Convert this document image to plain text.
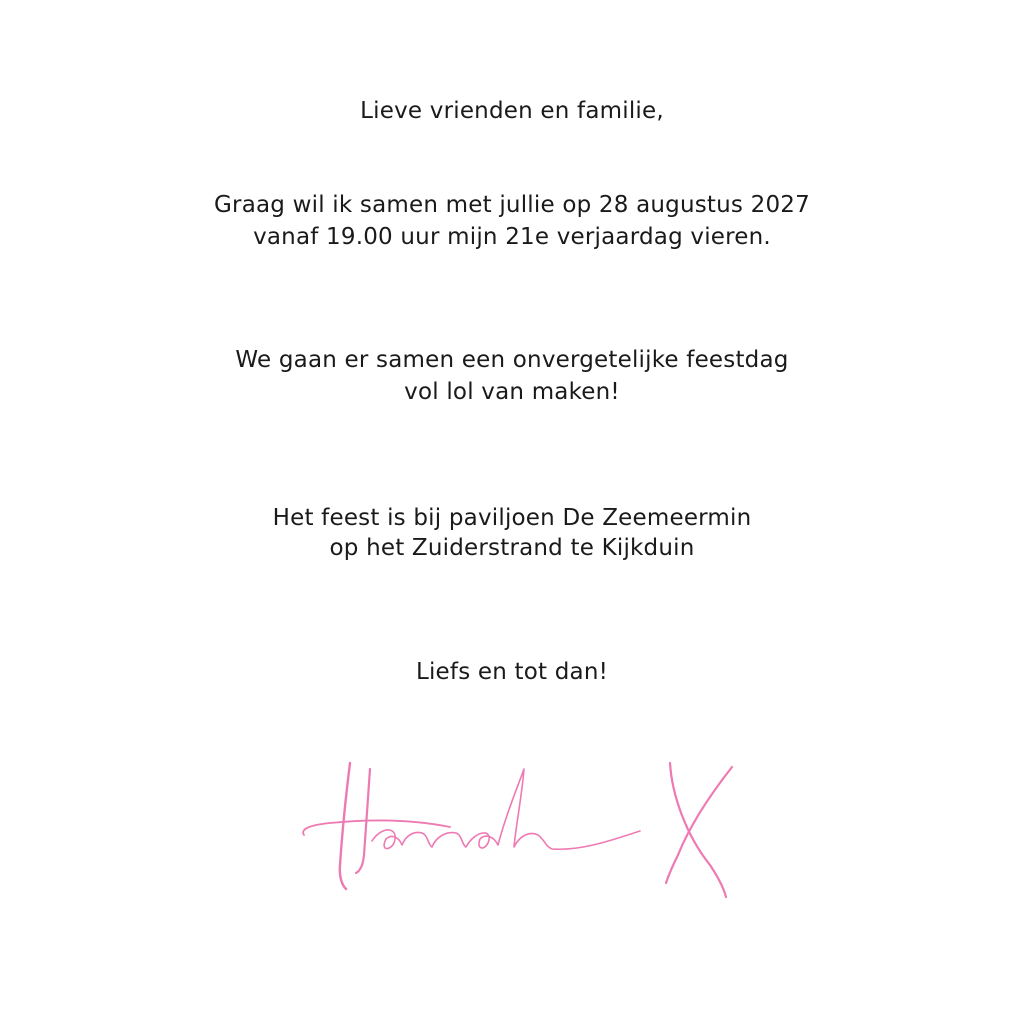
Lieve vrienden en familie,
Graag wil ik samen met jullie op 28 augustus 2027
vanaf 19.00 uur mijn 21e verjaardag vieren.
We gaan er samen een onvergetelijke feestdag
vol lol van maken!
Het feest is bij paviljoen De Zeemeermin
op het Zuiderstrand te Kijkduin
Liefs en tot dan!
